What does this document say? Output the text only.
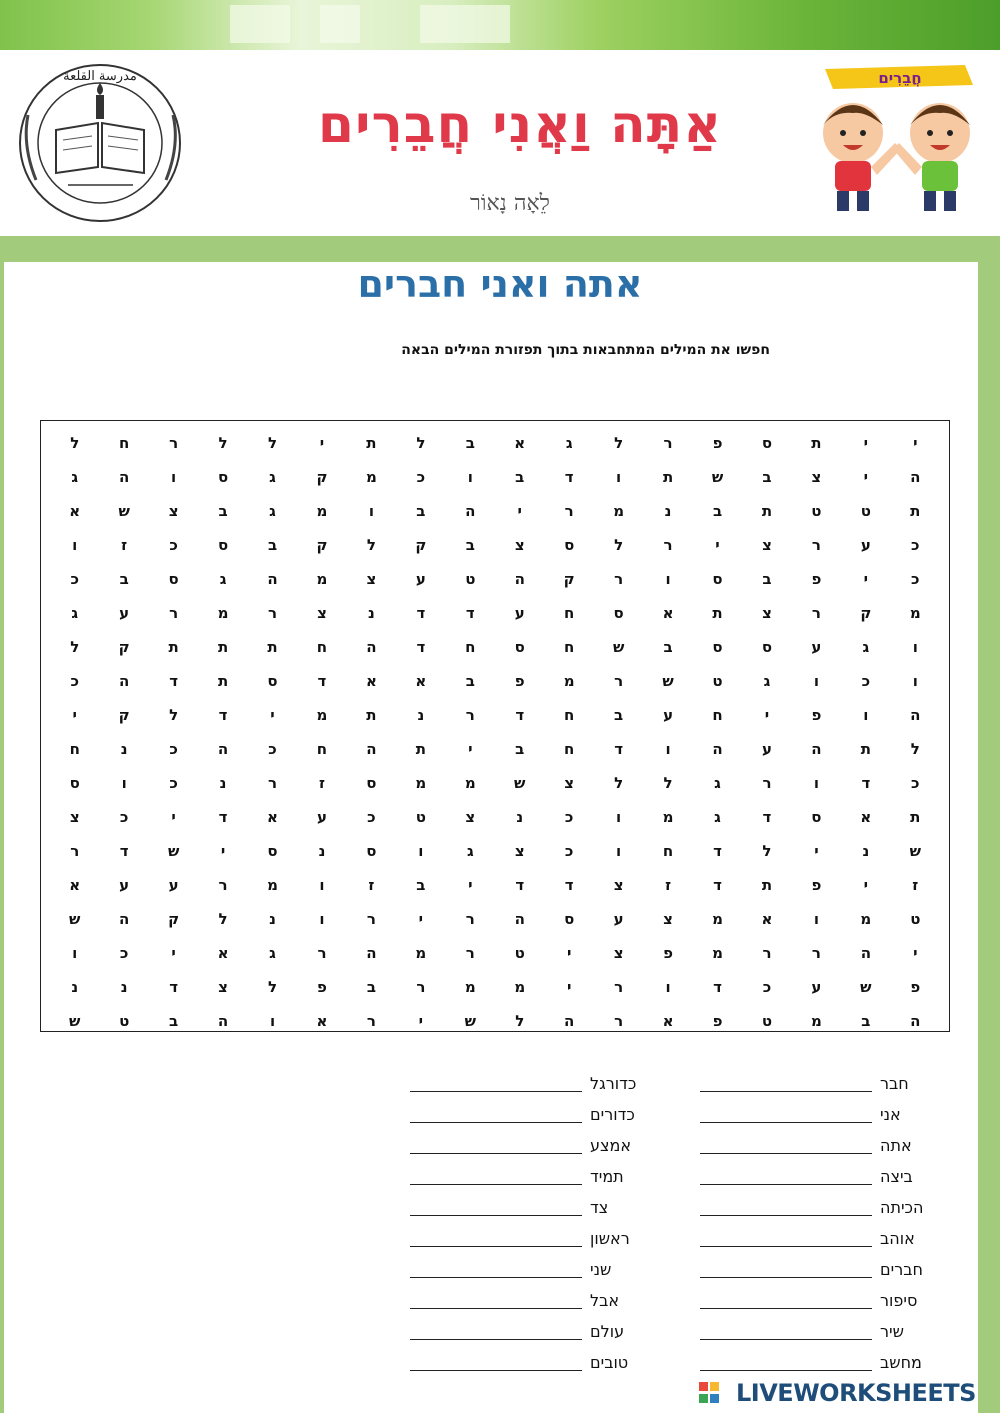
مدرسة القلعة
אַתָּה וַאֲנִי חֲבֵרִים
לֵאָה נָאוֹר
חֲבֵרִים
אתה ואני חברים
חפשו את המילים המתחבאות בתוך תפזורת המילים הבאה
י
י
ת
ס
פ
ר
ל
ג
א
ב
ל
ת
י
ל
ל
ר
ח
ל
ה
י
צ
ב
ש
ת
ו
ד
ב
ו
כ
מ
ק
ג
ס
ו
ה
ג
ת
ט
ט
ת
ב
נ
מ
ר
י
ה
ב
ו
מ
ג
ב
צ
ש
א
כ
ע
ר
צ
י
ר
ל
ס
צ
ב
ק
ל
ק
ב
ס
כ
ז
ו
כ
י
פ
ב
ס
ו
ר
ק
ה
ט
ע
צ
מ
ה
ג
ס
ב
כ
מ
ק
ר
צ
ת
א
ס
ח
ע
ד
ד
נ
צ
ר
מ
ר
ע
ג
ו
ג
ע
ס
ס
ב
ש
ח
ס
ח
ד
ה
ח
ת
ת
ת
ק
ל
ו
כ
ו
ג
ט
ש
ר
מ
פ
ב
א
א
ד
ס
ת
ד
ה
כ
ה
ו
פ
י
ח
ע
ב
ח
ד
ר
נ
ת
מ
י
ד
ל
ק
י
ל
ת
ה
ע
ה
ו
ד
ח
ב
י
ת
ה
ח
כ
ה
כ
נ
ח
כ
ד
ו
ר
ג
ל
ל
צ
ש
מ
מ
ס
ז
ר
נ
כ
ו
ס
ת
א
ס
ד
ג
מ
ו
כ
נ
צ
ט
כ
ע
א
ד
י
כ
צ
ש
נ
י
ל
ד
ח
ו
כ
צ
ג
ו
ס
נ
ס
י
ש
ד
ר
ז
י
פ
ת
ד
ז
צ
ד
ד
י
ב
ז
ו
מ
ר
ע
ע
א
ט
מ
ו
א
מ
צ
ע
ס
ה
ר
י
ר
ו
נ
ל
ק
ה
ש
י
ה
ר
ר
מ
פ
צ
י
ט
ר
מ
ה
ר
ג
א
י
כ
ו
פ
ש
ע
כ
ד
ו
ר
י
מ
מ
ר
ב
פ
ל
צ
ד
נ
נ
ה
ב
מ
ט
פ
א
ר
ה
ל
ש
י
ר
א
ו
ה
ב
ט
ש
חבר
אני
אתה
ביצה
הכיתה
אוהב
חברים
סיפור
שיר
מחשב
כדורגל
כדורים
אמצע
תמיד
צד
ראשון
שני
אבל
עולם
טובים
LIVEWORKSHEETS
